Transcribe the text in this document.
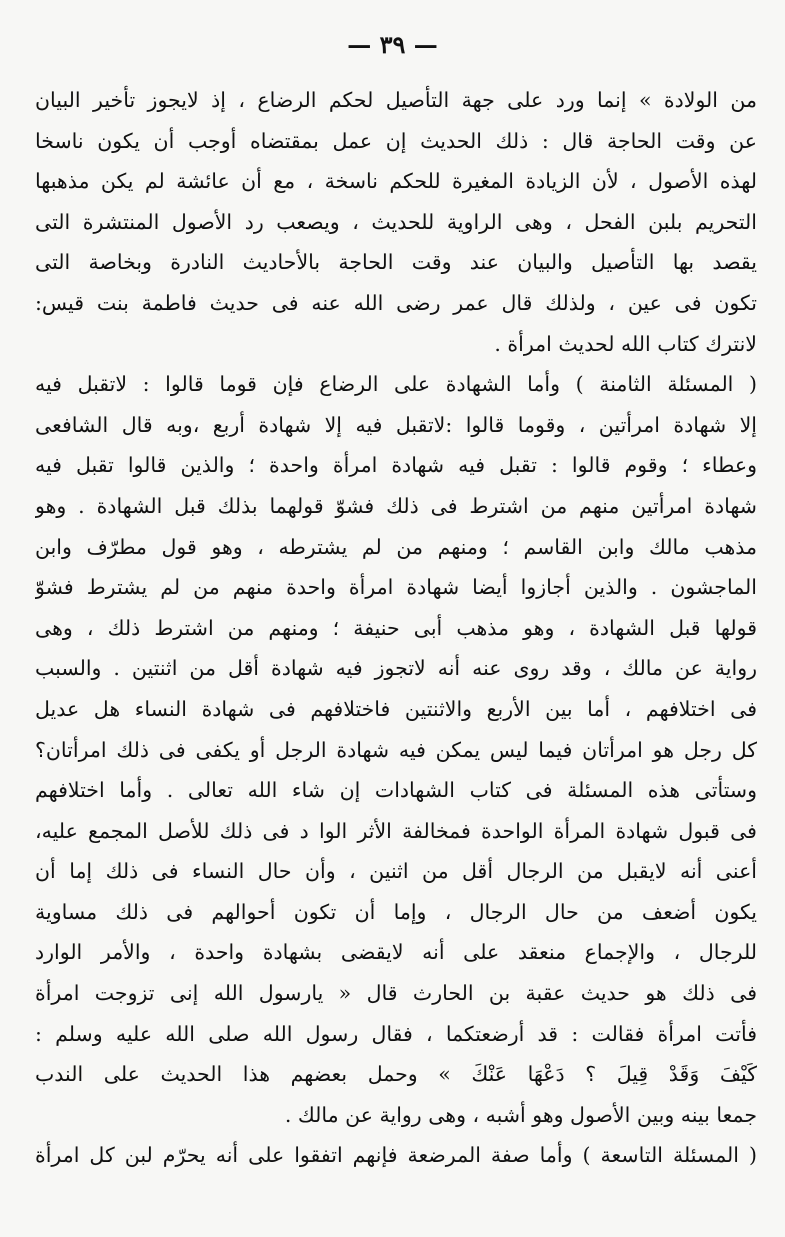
— ٣٩ —
من الولادة » إنما ورد على جهة التأصيل لحكم الرضاع ، إذ لايجوز تأخير البيان
عن وقت الحاجة قال : ذلك الحديث إن عمل بمقتضاه أوجب أن يكون ناسخا
لهذه الأصول ، لأن الزيادة المغيرة للحكم ناسخة ، مع أن عائشة لم يكن مذهبها
التحريم بلبن الفحل ، وهى الراوية للحديث ، ويصعب رد الأصول المنتشرة التى
يقصد بها التأصيل والبيان عند وقت الحاجة بالأحاديث النادرة وبخاصة التى
تكون فى عين ، ولذلك قال عمر رضى الله عنه فى حديث فاطمة بنت قيس:
لانترك كتاب الله لحديث امرأة .
( المسئلة الثامنة ) وأما الشهادة على الرضاع فإن قوما قالوا : لاتقبل فيه
إلا شهادة امرأتين ، وقوما قالوا :لاتقبل فيه إلا شهادة أربع ،وبه قال الشافعى
وعطاء ؛ وقوم قالوا : تقبل فيه شهادة امرأة واحدة ؛ والذين قالوا تقبل فيه
شهادة امرأتين منهم من اشترط فى ذلك فشوّ قولهما بذلك قبل الشهادة . وهو
مذهب مالك وابن القاسم ؛ ومنهم من لم يشترطه ، وهو قول مطرّف وابن
الماجشون . والذين أجازوا أيضا شهادة امرأة واحدة منهم من لم يشترط فشوّ
قولها قبل الشهادة ، وهو مذهب أبى حنيفة ؛ ومنهم من اشترط ذلك ، وهى
رواية عن مالك ، وقد روى عنه أنه لاتجوز فيه شهادة أقل من اثنتين . والسبب
فى اختلافهم ، أما بين الأربع والاثنتين فاختلافهم فى شهادة النساء هل عديل
كل رجل هو امرأتان فيما ليس يمكن فيه شهادة الرجل أو يكفى فى ذلك امرأتان؟
وستأتى هذه المسئلة فى كتاب الشهادات إن شاء الله تعالى . وأما اختلافهم
فى قبول شهادة المرأة الواحدة فمخالفة الأثر الوا د فى ذلك للأصل المجمع عليه،
أعنى أنه لايقبل من الرجال أقل من اثنين ، وأن حال النساء فى ذلك إما أن
يكون أضعف من حال الرجال ، وإما أن تكون أحوالهم فى ذلك مساوية
للرجال ، والإجماع منعقد على أنه لايقضى بشهادة واحدة ، والأمر الوارد
فى ذلك هو حديث عقبة بن الحارث قال « يارسول الله إنى تزوجت امرأة
فأتت امرأة فقالت : قد أرضعتكما ، فقال رسول الله صلى الله عليه وسلم :
كَيْفَ وَقَدْ قِيلَ ؟ دَعْهَا عَنْكَ » وحمل بعضهم هذا الحديث على الندب
جمعا بينه وبين الأصول وهو أشبه ، وهى رواية عن مالك .
( المسئلة التاسعة ) وأما صفة المرضعة فإنهم اتفقوا على أنه يحرّم لبن كل امرأة
